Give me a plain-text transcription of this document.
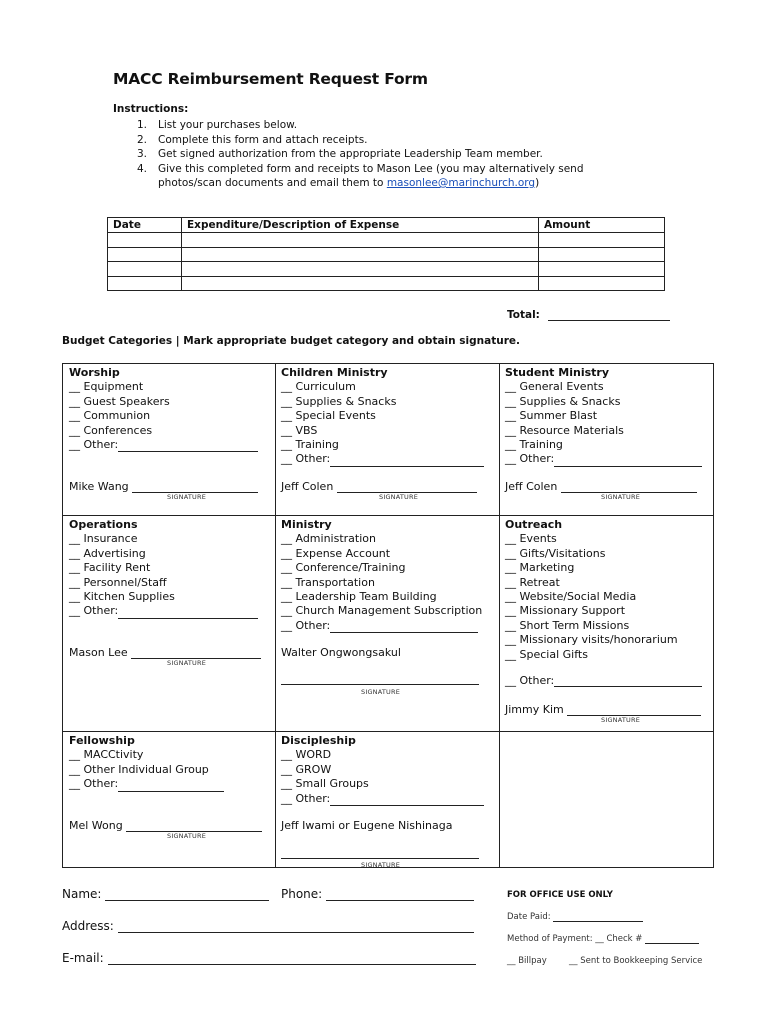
MACC Reimbursement Request Form
Instructions:
1.	List your purchases below.
2.	Complete this form and attach receipts.
3.	Get signed authorization from the appropriate Leadership Team member.
4.	Give this completed form and receipts to Mason Lee (you may alternatively send photos/scan documents and email them to masonlee@marinchurch.org)
Date	Expenditure/Description of Expense	Amount

Total:
Budget Categories | Mark appropriate budget category and obtain signature.
Worship
__ Equipment
__ Guest Speakers
__ Communion
__ Conferences
__ Other:
Mike Wang
SIGNATURE
Children Ministry
__ Curriculum
__ Supplies & Snacks
__ Special Events
__ VBS
__ Training
__ Other:
Jeff Colen
SIGNATURE
Student Ministry
__ General Events
__ Supplies & Snacks
__ Summer Blast
__ Resource Materials
__ Training
__ Other:
Jeff Colen
SIGNATURE
Operations
__ Insurance
__ Advertising
__ Facility Rent
__ Personnel/Staff
__ Kitchen Supplies
__ Other:
Mason Lee
SIGNATURE
Ministry
__ Administration
__ Expense Account
__ Conference/Training
__ Transportation
__ Leadership Team Building
__ Church Management Subscription
__ Other:
Walter Ongwongsakul
SIGNATURE
Outreach
__ Events
__ Gifts/Visitations
__ Marketing
__ Retreat
__ Website/Social Media
__ Missionary Support
__ Short Term Missions
__ Missionary visits/honorarium
__ Special Gifts
__ Other:
Jimmy Kim
SIGNATURE
Fellowship
__ MACCtivity
__ Other Individual Group
__ Other:
Mel Wong
SIGNATURE
Discipleship
__ WORD
__ GROW
__ Small Groups
__ Other:
Jeff Iwami or Eugene Nishinaga
SIGNATURE
Name:	Phone:
Address:
E-mail:
FOR OFFICE USE ONLY
Date Paid:
Method of Payment: __ Check #
__ Billpay	__ Sent to Bookkeeping Service
